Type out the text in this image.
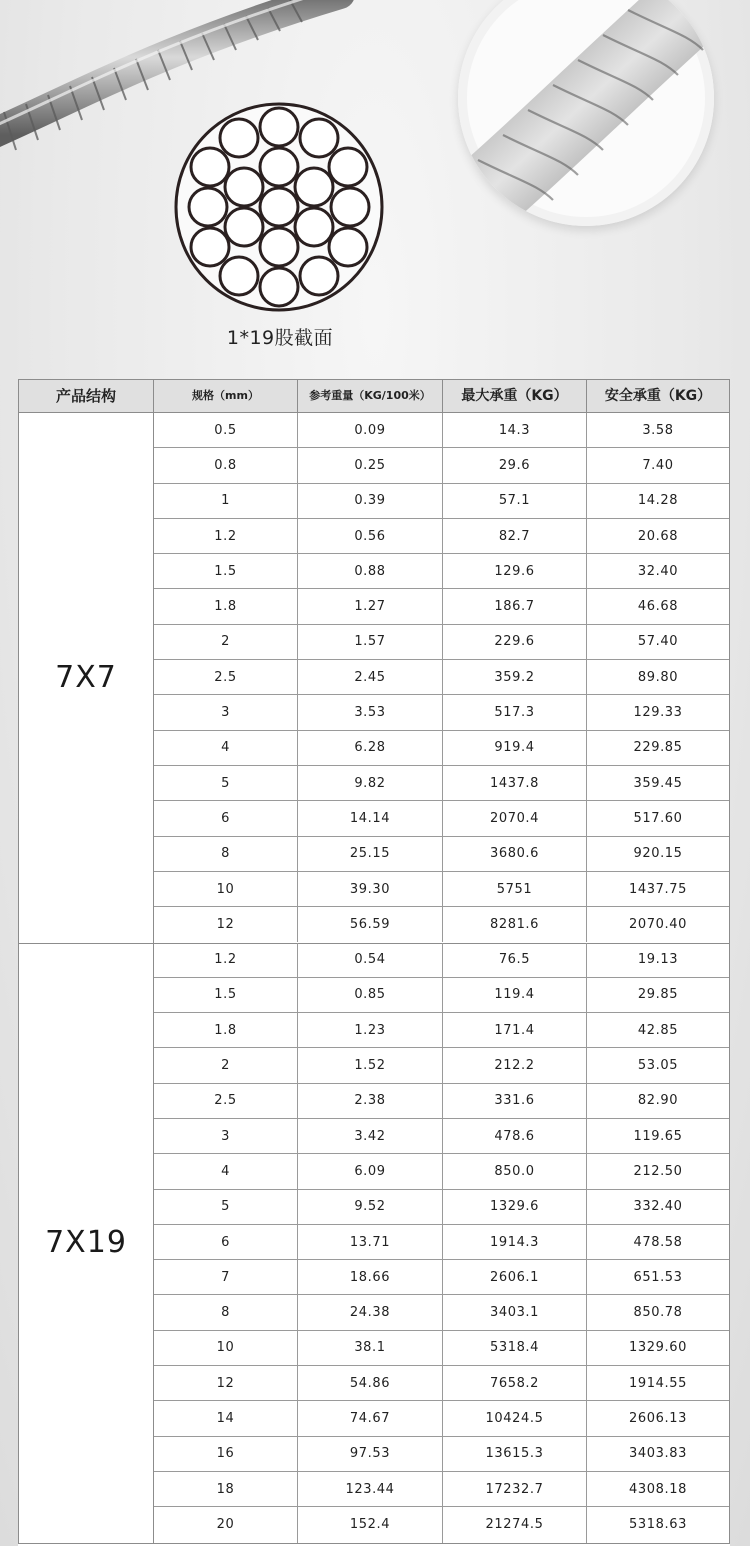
1*19股截面
产品结构	规格（mm）	参考重量（KG/100米）	最大承重（KG）	安全承重（KG）
7X7
0.5	0.09	14.3	3.58
0.8	0.25	29.6	7.40
1	0.39	57.1	14.28
1.2	0.56	82.7	20.68
1.5	0.88	129.6	32.40
1.8	1.27	186.7	46.68
2	1.57	229.6	57.40
2.5	2.45	359.2	89.80
3	3.53	517.3	129.33
4	6.28	919.4	229.85
5	9.82	1437.8	359.45
6	14.14	2070.4	517.60
8	25.15	3680.6	920.15
10	39.30	5751	1437.75
12	56.59	8281.6	2070.40
7X19
1.2	0.54	76.5	19.13
1.5	0.85	119.4	29.85
1.8	1.23	171.4	42.85
2	1.52	212.2	53.05
2.5	2.38	331.6	82.90
3	3.42	478.6	119.65
4	6.09	850.0	212.50
5	9.52	1329.6	332.40
6	13.71	1914.3	478.58
7	18.66	2606.1	651.53
8	24.38	3403.1	850.78
10	38.1	5318.4	1329.60
12	54.86	7658.2	1914.55
14	74.67	10424.5	2606.13
16	97.53	13615.3	3403.83
18	123.44	17232.7	4308.18
20	152.4	21274.5	5318.63
